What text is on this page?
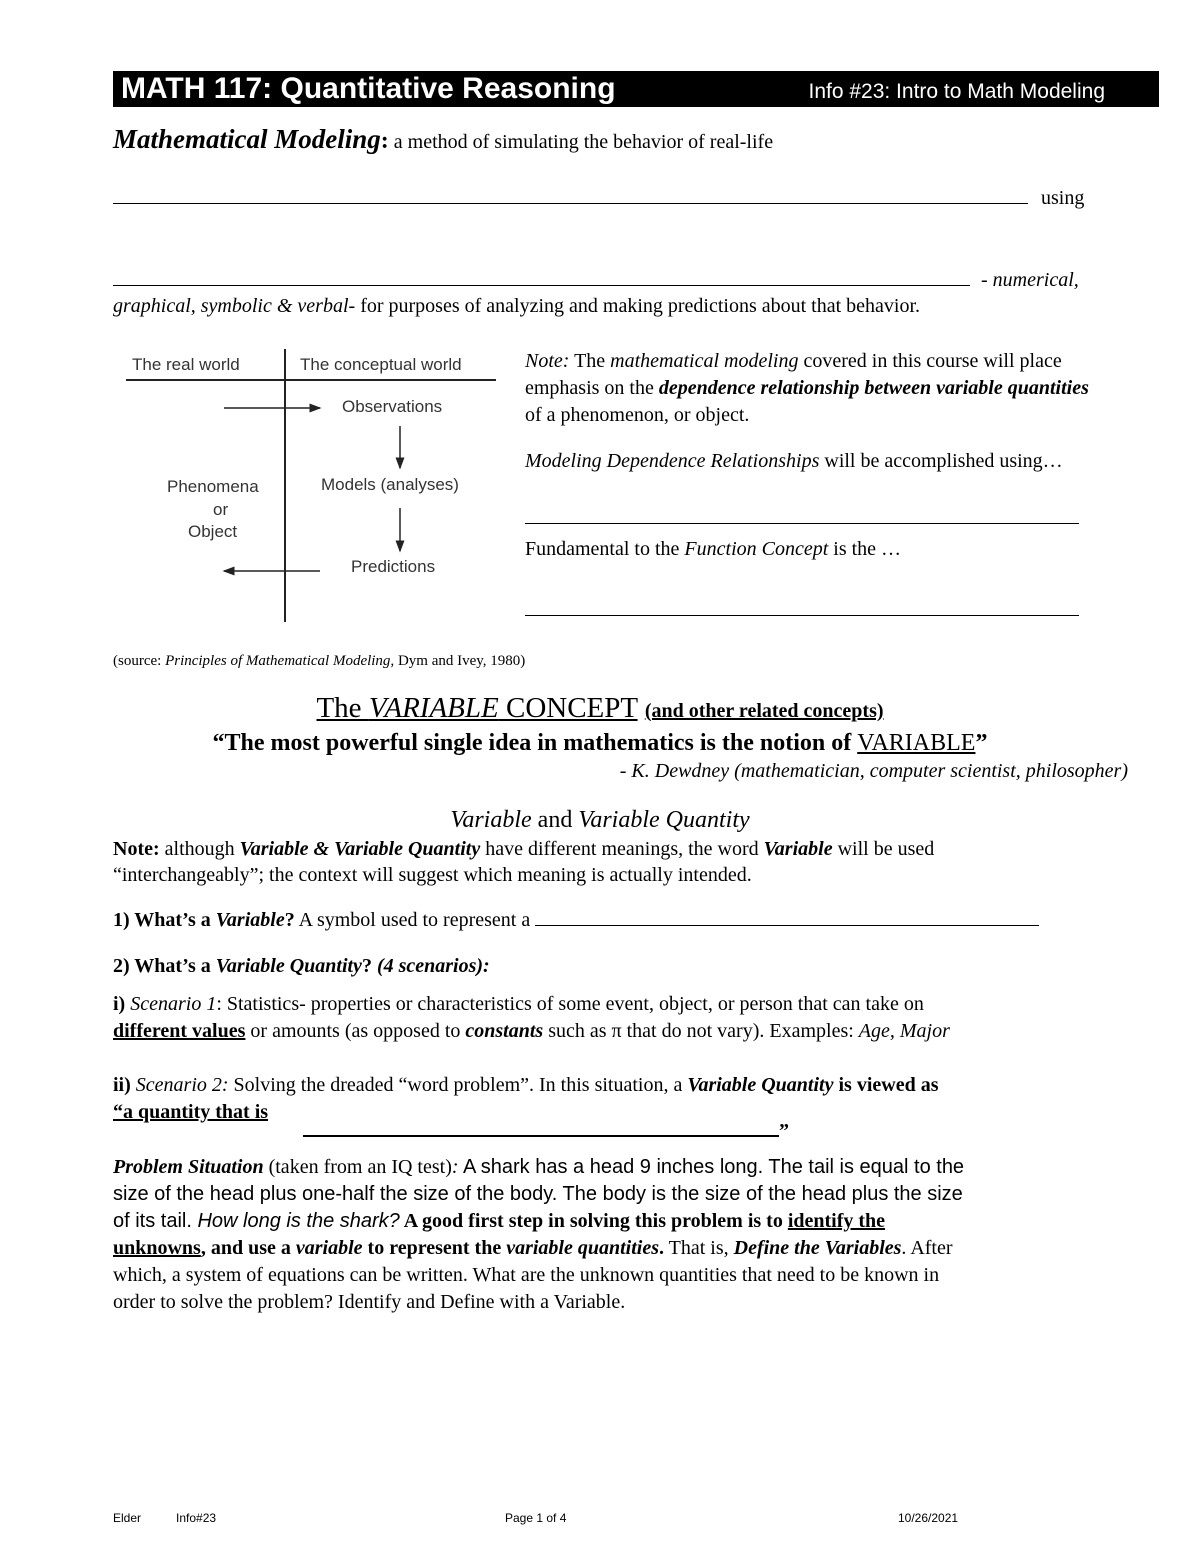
MATH 117: Quantitative Reasoning	Info #23: Intro to Math Modeling
Mathematical Modeling: a method of simulating the behavior of real-life
using
- numerical,
graphical, symbolic & verbal- for purposes of analyzing and making predictions about that behavior.
The real world	The conceptual world
Observations
Models (analyses)
Predictions
Phenomena
or
Object

Note: The mathematical modeling covered in this course will place emphasis on the dependence relationship between variable quantities of a phenomenon, or object.

Modeling Dependence Relationships will be accomplished using…

Fundamental to the Function Concept is the …

(source: Principles of Mathematical Modeling, Dym and Ivey, 1980)
The VARIABLE CONCEPT (and other related concepts)
“The most powerful single idea in mathematics is the notion of VARIABLE”
- K. Dewdney (mathematician, computer scientist, philosopher)
Variable and Variable Quantity
Note: although Variable & Variable Quantity have different meanings, the word Variable will be used
“interchangeably”; the context will suggest which meaning is actually intended.
1) What’s a Variable? A symbol used to represent a
2) What’s a Variable Quantity? (4 scenarios):
i) Scenario 1: Statistics- properties or characteristics of some event, object, or person that can take on
different values or amounts (as opposed to constants such as π that do not vary). Examples: Age, Major
ii) Scenario 2: Solving the dreaded “word problem”. In this situation, a Variable Quantity is viewed as
“a quantity that is
”
Problem Situation (taken from an IQ test): A shark has a head 9 inches long. The tail is equal to the
size of the head plus one-half the size of the body. The body is the size of the head plus the size
of its tail. How long is the shark? A good first step in solving this problem is to identify the
unknowns, and use a variable to represent the variable quantities. That is, Define the Variables. After
which, a system of equations can be written. What are the unknown quantities that need to be known in
order to solve the problem? Identify and Define with a Variable.
Elder	Info#23	Page 1 of 4	10/26/2021
